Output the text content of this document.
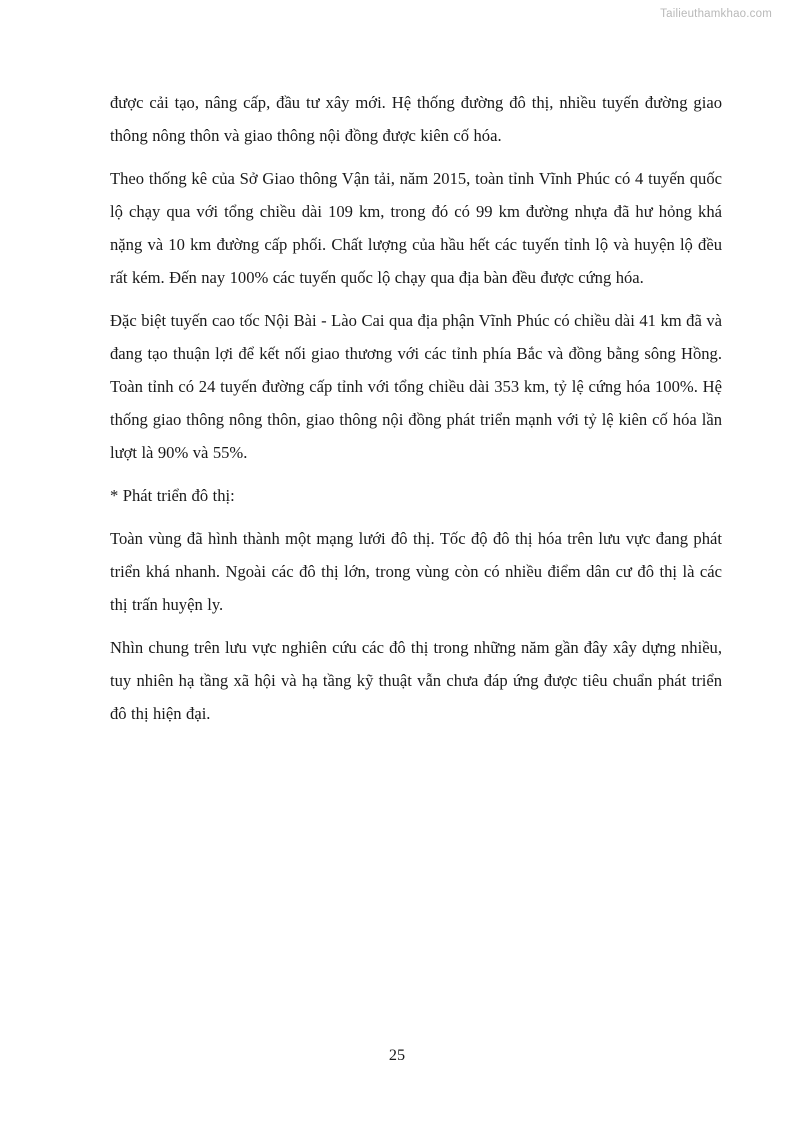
Tailieuthamkhao.com

được cải tạo, nâng cấp, đầu tư xây mới. Hệ thống đường đô thị, nhiều tuyến đường giao thông nông thôn và giao thông nội đồng được kiên cố hóa.

Theo thống kê của Sở Giao thông Vận tải, năm 2015, toàn tỉnh Vĩnh Phúc có 4 tuyến quốc lộ chạy qua với tổng chiều dài 109 km, trong đó có 99 km đường nhựa đã hư hỏng khá nặng và 10 km đường cấp phối. Chất lượng của hầu hết các tuyến tỉnh lộ và huyện lộ đều rất kém. Đến nay 100% các tuyến quốc lộ chạy qua địa bàn đều được cứng hóa.

Đặc biệt tuyến cao tốc Nội Bài - Lào Cai qua địa phận Vĩnh Phúc có chiều dài 41 km đã và đang tạo thuận lợi để kết nối giao thương với các tỉnh phía Bắc và đồng bằng sông Hồng. Toàn tỉnh có 24 tuyến đường cấp tỉnh với tổng chiều dài 353 km, tỷ lệ cứng hóa 100%. Hệ thống giao thông nông thôn, giao thông nội đồng phát triển mạnh với tỷ lệ kiên cố hóa lần lượt là 90% và 55%.

* Phát triển đô thị:

Toàn vùng đã hình thành một mạng lưới đô thị. Tốc độ đô thị hóa trên lưu vực đang phát triển khá nhanh. Ngoài các đô thị lớn, trong vùng còn có nhiều điểm dân cư đô thị là các thị trấn huyện ly.

Nhìn chung trên lưu vực nghiên cứu các đô thị trong những năm gần đây xây dựng nhiều, tuy nhiên hạ tầng xã hội và hạ tầng kỹ thuật vẫn chưa đáp ứng được tiêu chuẩn phát triển đô thị hiện đại.

25
